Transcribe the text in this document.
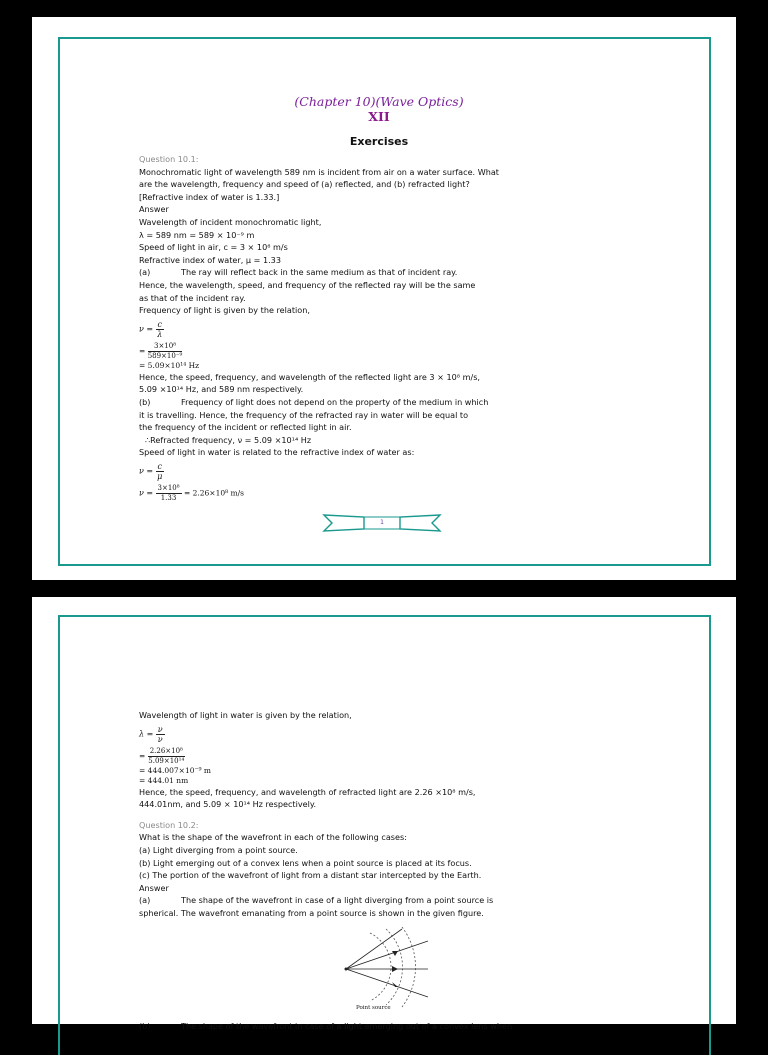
(Chapter 10)(Wave Optics)
XII
Exercises
Question 10.1:
Monochromatic light of wavelength 589 nm is incident from air on a water surface. What
are the wavelength, frequency and speed of (a) reflected, and (b) refracted light?
[Refractive index of water is 1.33.]
Answer
Wavelength of incident monochromatic light,
λ = 589 nm = 589 × 10⁻⁹ m
Speed of light in air, c = 3 × 10⁸ m/s
Refractive index of water, μ = 1.33
(a)	The ray will reflect back in the same medium as that of incident ray.
Hence, the wavelength, speed, and frequency of the reflected ray will be the same
as that of the incident ray.
Frequency of light is given by the relation,
$\nu = \frac{c}{\lambda}$
= $\frac{\text{3×10⁸}}{\text{589×10⁻⁹}}$
= 5.09×10¹⁴ Hz
Hence, the speed, frequency, and wavelength of the reflected light are 3 × 10⁸ m/s,
5.09 ×10¹⁴ Hz, and 589 nm respectively.
(b)	Frequency of light does not depend on the property of the medium in which
it is travelling. Hence, the frequency of the refracted ray in water will be equal to
the frequency of the incident or reflected light in air.
∴Refracted frequency, ν = 5.09 ×10¹⁴ Hz
Speed of light in water is related to the refractive index of water as:
$\nu = \frac{c}{\mu}$
$\nu = \frac{\text{3×10⁸}}{1.33} = 2.26\times 10^8$ m/s
1
Wavelength of light in water is given by the relation,
$\lambda = \frac{\nu}{\nu}$
= $\frac{\text{2.26×10⁸}}{\text{5.09×10¹⁴}}$
= 444.007×10⁻⁹ m
= 444.01 nm
Hence, the speed, frequency, and wavelength of refracted light are 2.26 ×10⁸ m/s,
444.01nm, and 5.09 × 10¹⁴ Hz respectively.
Question 10.2:
What is the shape of the wavefront in each of the following cases:
(a) Light diverging from a point source.
(b) Light emerging out of a convex lens when a point source is placed at its focus.
(c) The portion of the wavefront of light from a distant star intercepted by the Earth.
Answer
(a)	The shape of the wavefront in case of a light diverging from a point source is
spherical. The wavefront emanating from a point source is shown in the given figure.
Point source
(b)	The shape of the wavefront in case of a light emerging out of a convex lens when
